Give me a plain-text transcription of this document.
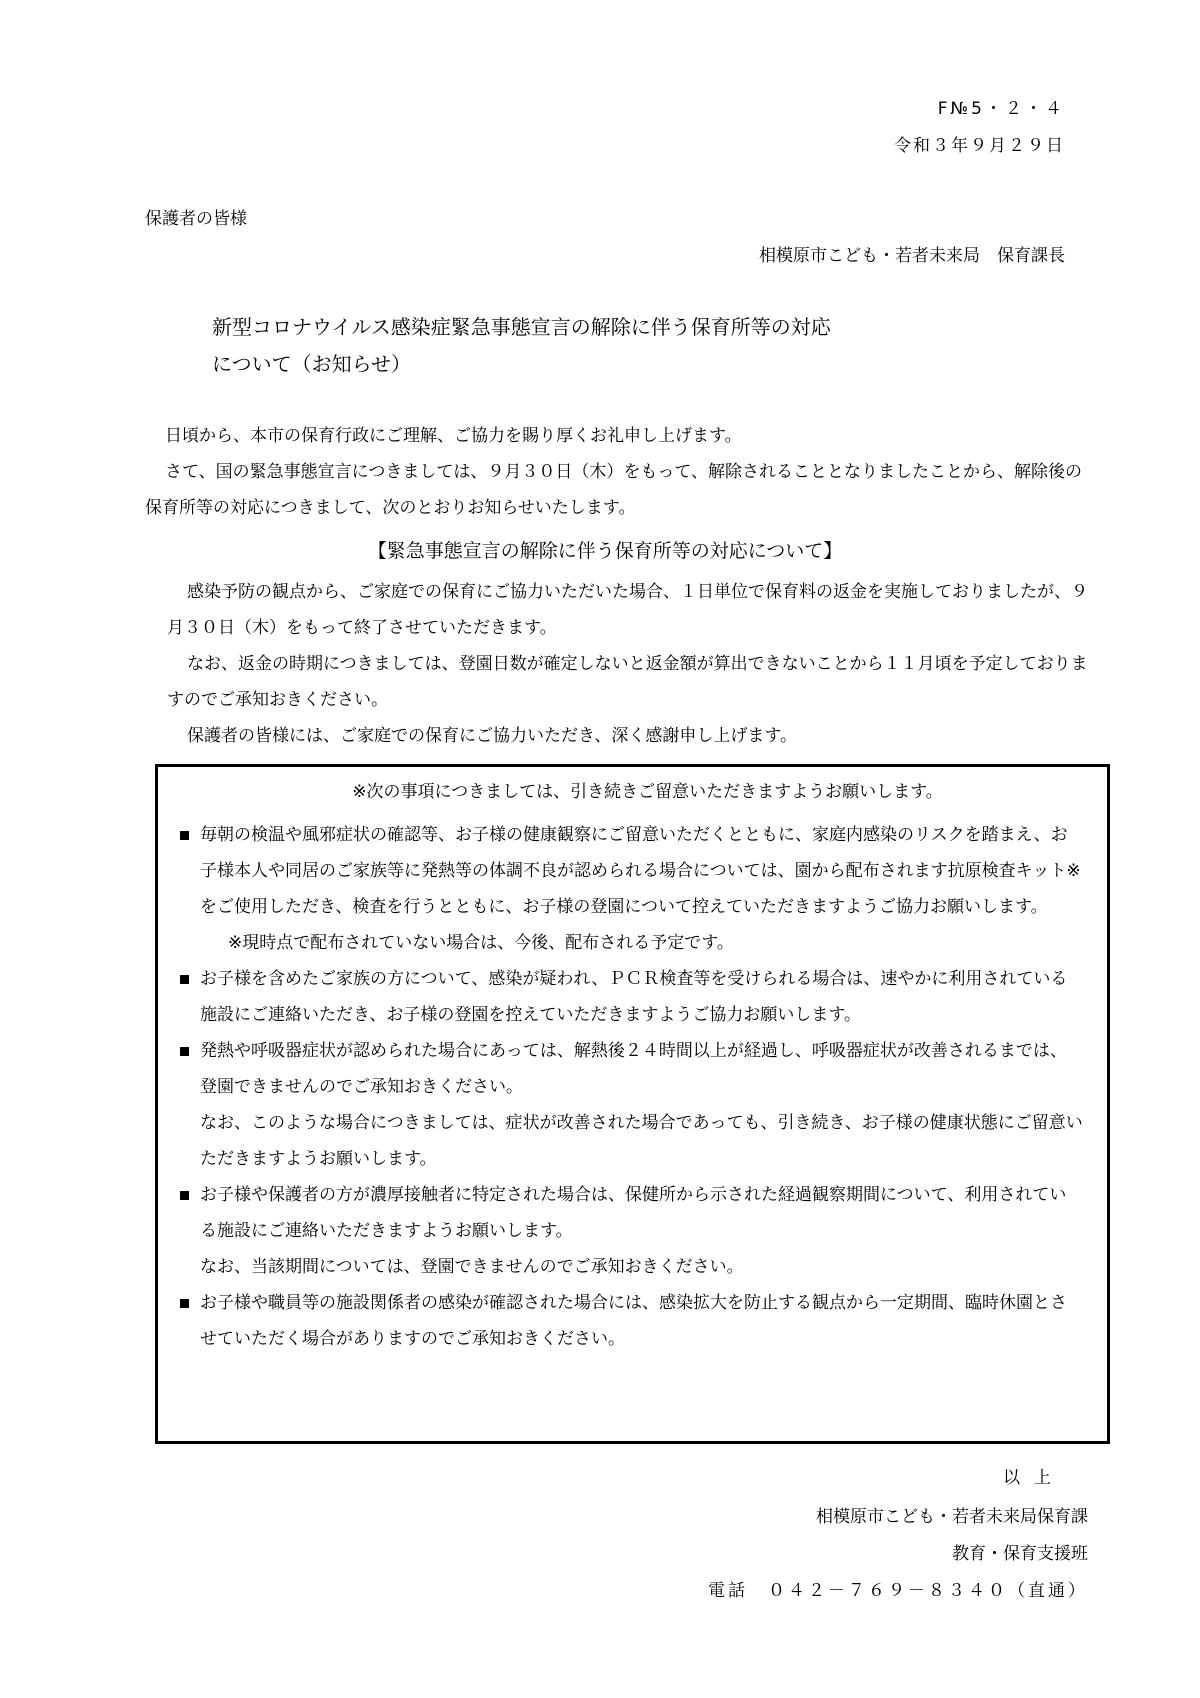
F№5・２・４
令和３年９月２９日
保護者の皆様
相模原市こども・若者未来局　保育課長
新型コロナウイルス感染症緊急事態宣言の解除に伴う保育所等の対応
について（お知らせ）

日頃から、本市の保育行政にご理解、ご協力を賜り厚くお礼申し上げます。

さて、国の緊急事態宣言につきましては、９月３０日（木）をもって、解除されることとなりましたことから、解除後の保育所等の対応につきまして、次のとおりお知らせいたします。

【緊急事態宣言の解除に伴う保育所等の対応について】

感染予防の観点から、ご家庭での保育にご協力いただいた場合、１日単位で保育料の返金を実施しておりましたが、９月３０日（木）をもって終了させていただきます。

なお、返金の時期につきましては、登園日数が確定しないと返金額が算出できないことから１１月頃を予定しておりますのでご承知おきください。

保護者の皆様には、ご家庭での保育にご協力いただき、深く感謝申し上げます。

※次の事項につきましては、引き続きご留意いただきますようお願いします。

毎朝の検温や風邪症状の確認等、お子様の健康観察にご留意いただくとともに、家庭内感染のリスクを踏まえ、お子様本人や同居のご家族等に発熱等の体調不良が認められる場合については、園から配布されます抗原検査キット※をご使用しただき、検査を行うとともに、お子様の登園について控えていただきますようご協力お願いします。

※現時点で配布されていない場合は、今後、配布される予定です。

お子様を含めたご家族の方について、感染が疑われ、ＰＣＲ検査等を受けられる場合は、速やかに利用されている施設にご連絡いただき、お子様の登園を控えていただきますようご協力お願いします。

発熱や呼吸器症状が認められた場合にあっては、解熱後２４時間以上が経過し、呼吸器症状が改善されるまでは、登園できませんのでご承知おきください。

なお、このような場合につきましては、症状が改善された場合であっても、引き続き、お子様の健康状態にご留意いただきますようお願いします。

お子様や保護者の方が濃厚接触者に特定された場合は、保健所から示された経過観察期間について、利用されている施設にご連絡いただきますようお願いします。

なお、当該期間については、登園できませんのでご承知おきください。

お子様や職員等の施設関係者の感染が確認された場合には、感染拡大を防止する観点から一定期間、臨時休園とさせていただく場合がありますのでご承知おきください。

以上
相模原市こども・若者未来局保育課
教育・保育支援班
電話　０４２－７６９－８３４０（直通）
